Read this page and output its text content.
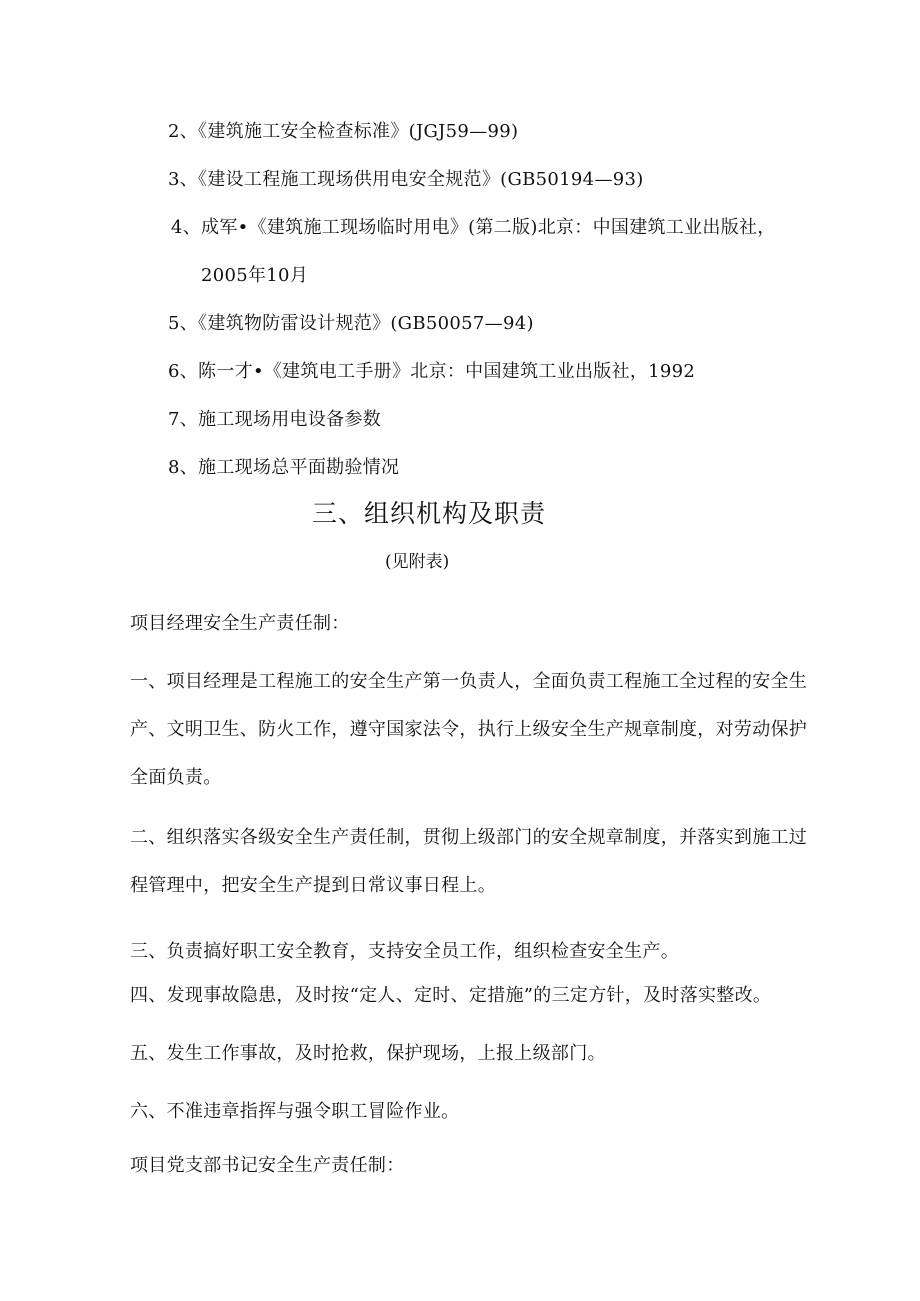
2、《建筑施工安全检查标准》(JGJ59—99)
3、《建设工程施工现场供用电安全规范》(GB50194—93)
4、成军•《建筑施工现场临时用电》(第二版)北京：中国建筑工业出版社，
2005年10月
5、《建筑物防雷设计规范》(GB50057—94)
6、陈一才•《建筑电工手册》北京：中国建筑工业出版社，1992
7、施工现场用电设备参数
8、施工现场总平面勘验情况
三、组织机构及职责
(见附表)
项目经理安全生产责任制：
一、项目经理是工程施工的安全生产第一负责人，全面负责工程施工全过程的安全生
产、文明卫生、防火工作，遵守国家法令，执行上级安全生产规章制度，对劳动保护
全面负责。
二、组织落实各级安全生产责任制，贯彻上级部门的安全规章制度，并落实到施工过
程管理中，把安全生产提到日常议事日程上。
三、负责搞好职工安全教育，支持安全员工作，组织检查安全生产。
四、发现事故隐患，及时按“定人、定时、定措施”的三定方针，及时落实整改。
五、发生工作事故，及时抢救，保护现场，上报上级部门。
六、不准违章指挥与强令职工冒险作业。
项目党支部书记安全生产责任制：
